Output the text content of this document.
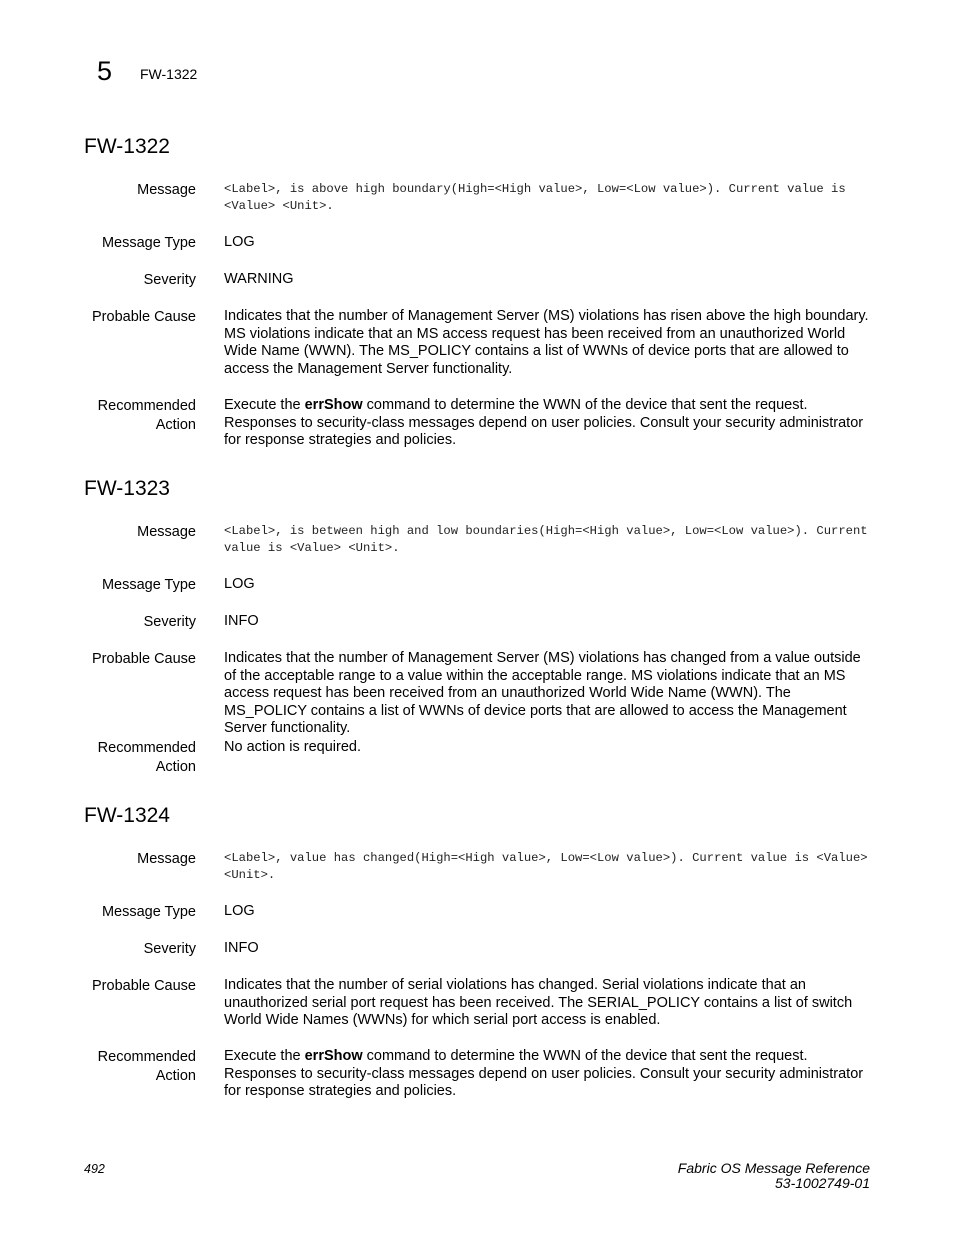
5 FW-1322
FW-1322
Message <Label>, is above high boundary(High=<High value>, Low=<Low value>). Current value is <Value> <Unit>.
Message Type LOG
Severity WARNING
Probable Cause Indicates that the number of Management Server (MS) violations has risen above the high boundary. MS violations indicate that an MS access request has been received from an unauthorized World Wide Name (WWN). The MS_POLICY contains a list of WWNs of device ports that are allowed to access the Management Server functionality.
Recommended
Action
Execute the errShow command to determine the WWN of the device that sent the request. Responses to security-class messages depend on user policies. Consult your security administrator for response strategies and policies.
FW-1323
Message <Label>, is between high and low boundaries(High=<High value>, Low=<Low value>). Current value is <Value> <Unit>.
Message Type LOG
Severity INFO
Probable Cause Indicates that the number of Management Server (MS) violations has changed from a value outside of the acceptable range to a value within the acceptable range. MS violations indicate that an MS access request has been received from an unauthorized World Wide Name (WWN). The MS_POLICY contains a list of WWNs of device ports that are allowed to access the Management Server functionality.
Recommended
Action
No action is required.
FW-1324
Message <Label>, value has changed(High=<High value>, Low=<Low value>). Current value is <Value> <Unit>.
Message Type LOG
Severity INFO
Probable Cause Indicates that the number of serial violations has changed. Serial violations indicate that an unauthorized serial port request has been received. The SERIAL_POLICY contains a list of switch World Wide Names (WWNs) for which serial port access is enabled.
Recommended
Action
Execute the errShow command to determine the WWN of the device that sent the request. Responses to security-class messages depend on user policies. Consult your security administrator for response strategies and policies.
492	Fabric OS Message Reference
53-1002749-01
